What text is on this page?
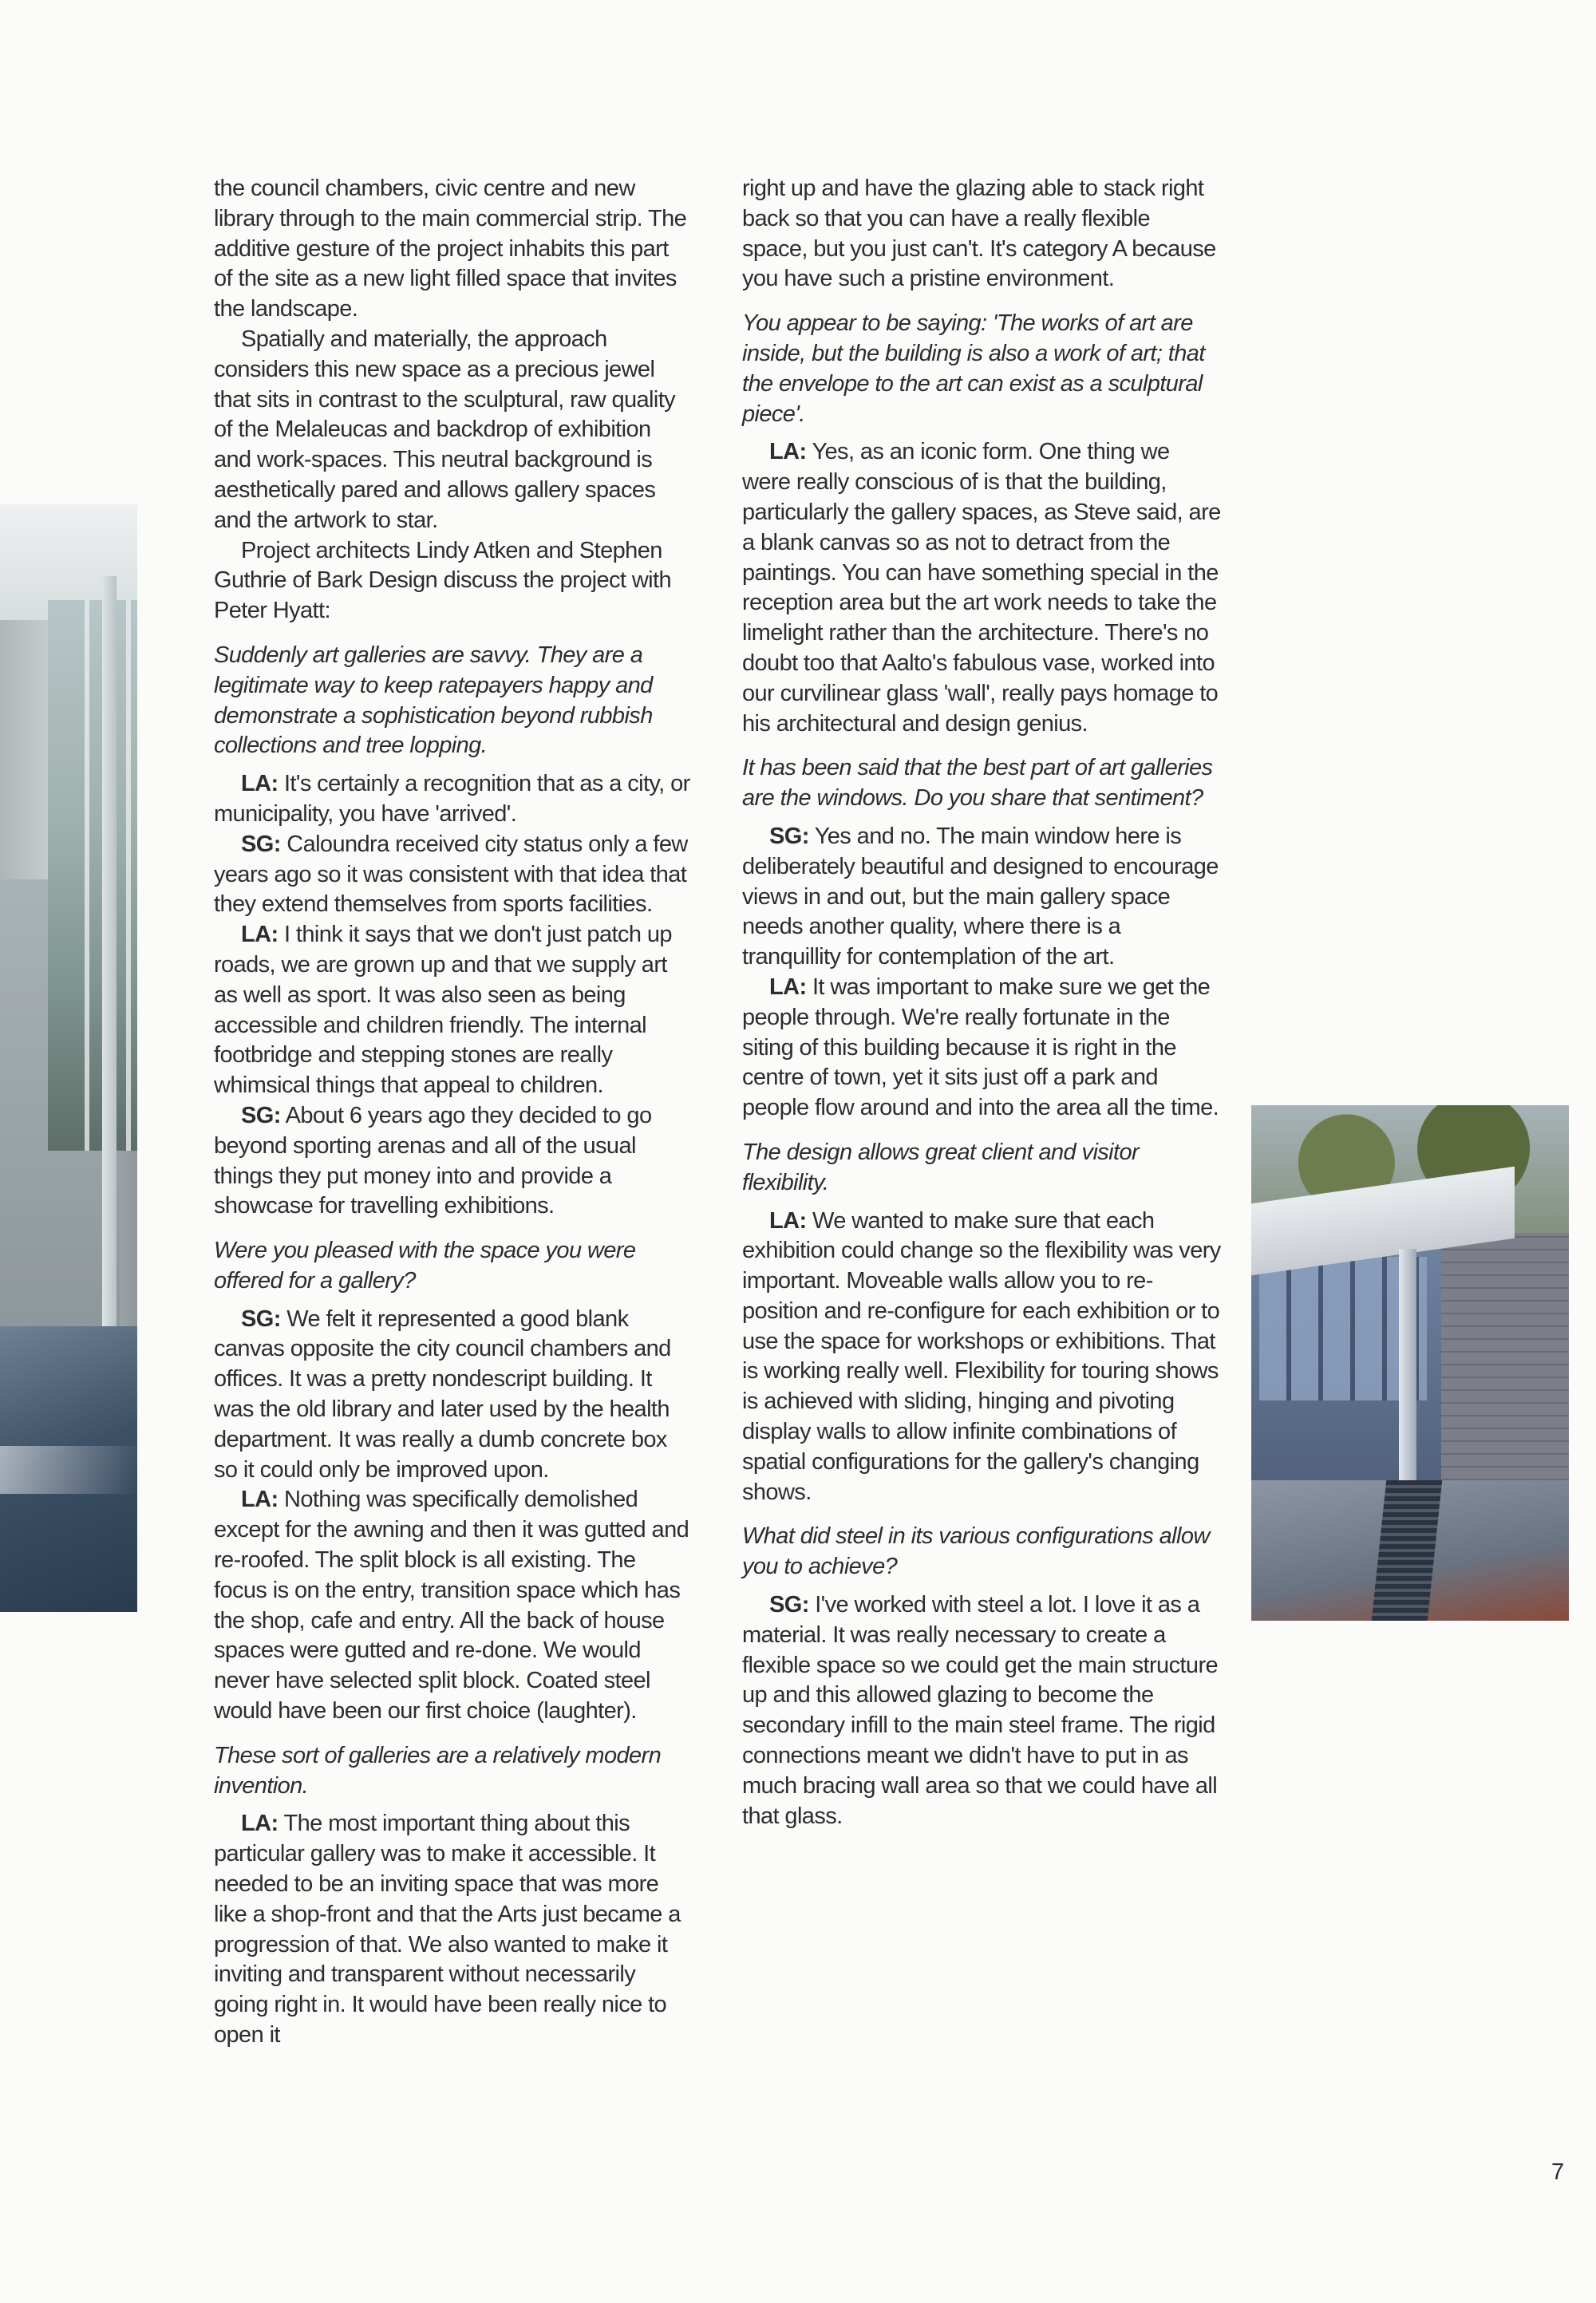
the council chambers, civic centre and new library through to the main commercial strip. The additive gesture of the project inhabits this part of the site as a new light filled space that invites the landscape.

Spatially and materially, the approach considers this new space as a precious jewel that sits in contrast to the sculptural, raw quality of the Melaleucas and backdrop of exhibition and work-spaces. This neutral background is aesthetically pared and allows gallery spaces and the artwork to star.

Project architects Lindy Atken and Stephen Guthrie of Bark Design discuss the project with Peter Hyatt:

Suddenly art galleries are savvy. They are a legitimate way to keep ratepayers happy and demonstrate a sophistication beyond rubbish collections and tree lopping.

LA: It's certainly a recognition that as a city, or municipality, you have 'arrived'.

SG: Caloundra received city status only a few years ago so it was consistent with that idea that they extend themselves from sports facilities.

LA: I think it says that we don't just patch up roads, we are grown up and that we supply art as well as sport. It was also seen as being accessible and children friendly. The internal footbridge and stepping stones are really whimsical things that appeal to children.

SG: About 6 years ago they decided to go beyond sporting arenas and all of the usual things they put money into and provide a showcase for travelling exhibitions.

Were you pleased with the space you were offered for a gallery?

SG: We felt it represented a good blank canvas opposite the city council chambers and offices. It was a pretty nondescript building. It was the old library and later used by the health department. It was really a dumb concrete box so it could only be improved upon.

LA: Nothing was specifically demolished except for the awning and then it was gutted and re-roofed. The split block is all existing. The focus is on the entry, transition space which has the shop, cafe and entry. All the back of house spaces were gutted and re-done. We would never have selected split block. Coated steel would have been our first choice (laughter).

These sort of galleries are a relatively modern invention.

LA: The most important thing about this particular gallery was to make it accessible. It needed to be an inviting space that was more like a shop-front and that the Arts just became a progression of that. We also wanted to make it inviting and transparent without necessarily going right in. It would have been really nice to open it

right up and have the glazing able to stack right back so that you can have a really flexible space, but you just can't. It's category A because you have such a pristine environment.

You appear to be saying: 'The works of art are inside, but the building is also a work of art; that the envelope to the art can exist as a sculptural piece'.

LA: Yes, as an iconic form. One thing we were really conscious of is that the building, particularly the gallery spaces, as Steve said, are a blank canvas so as not to detract from the paintings. You can have something special in the reception area but the art work needs to take the limelight rather than the architecture. There's no doubt too that Aalto's fabulous vase, worked into our curvilinear glass 'wall', really pays homage to his architectural and design genius.

It has been said that the best part of art galleries are the windows. Do you share that sentiment?

SG: Yes and no. The main window here is deliberately beautiful and designed to encourage views in and out, but the main gallery space needs another quality, where there is a tranquillity for contemplation of the art.

LA: It was important to make sure we get the people through. We're really fortunate in the siting of this building because it is right in the centre of town, yet it sits just off a park and people flow around and into the area all the time.

The design allows great client and visitor flexibility.

LA: We wanted to make sure that each exhibition could change so the flexibility was very important. Moveable walls allow you to re-position and re-configure for each exhibition or to use the space for workshops or exhibitions. That is working really well. Flexibility for touring shows is achieved with sliding, hinging and pivoting display walls to allow infinite combinations of spatial configurations for the gallery's changing shows.

What did steel in its various configurations allow you to achieve?

SG: I've worked with steel a lot. I love it as a material. It was really necessary to create a flexible space so we could get the main structure up and this allowed glazing to become the secondary infill to the main steel frame. The rigid connections meant we didn't have to put in as much bracing wall area so that we could have all that glass.

7
